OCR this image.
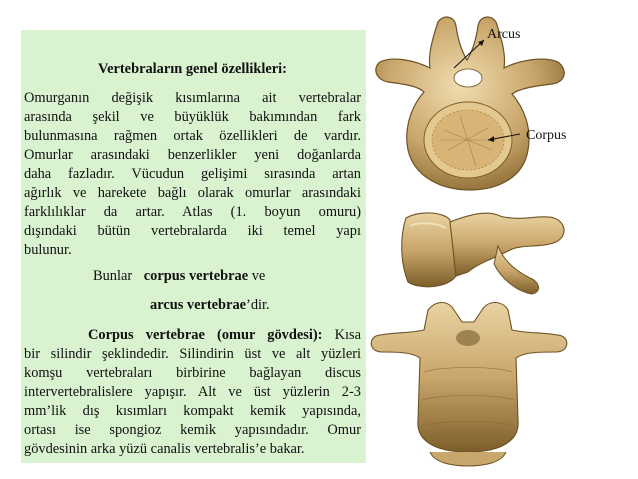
Vertebraların genel özellikleri:

Omurganın değişik kısımlarına ait vertebralar
arasında şekil ve büyüklük bakımından fark
bulunmasına rağmen ortak özellikleri de vardır.
Omurlar arasındaki benzerlikler yeni doğanlarda
daha fazladır. Vücudun gelişimi sırasında artan
ağırlık ve harekete bağlı olarak omurlar arasındaki
farklılıklar da artar. Atlas (1. boyun omuru)
dışındaki bütün vertebralarda iki temel yapı
bulunur.
Bunlar corpus vertebrae ve
arcus vertebrae’dir.
Corpus vertebrae (omur gövdesi): Kısa
bir silindir şeklindedir. Silindirin üst ve alt yüzleri
komşu vertebraları birbirine bağlayan discus
intervertebralislere yapışır. Alt ve üst yüzlerin 2-3
mm’lik dış kısımları kompakt kemik yapısında,
ortası ise spongioz kemik yapısındadır. Omur
gövdesinin arka yüzü canalis vertebralis’e bakar.
Arcus
Corpus
